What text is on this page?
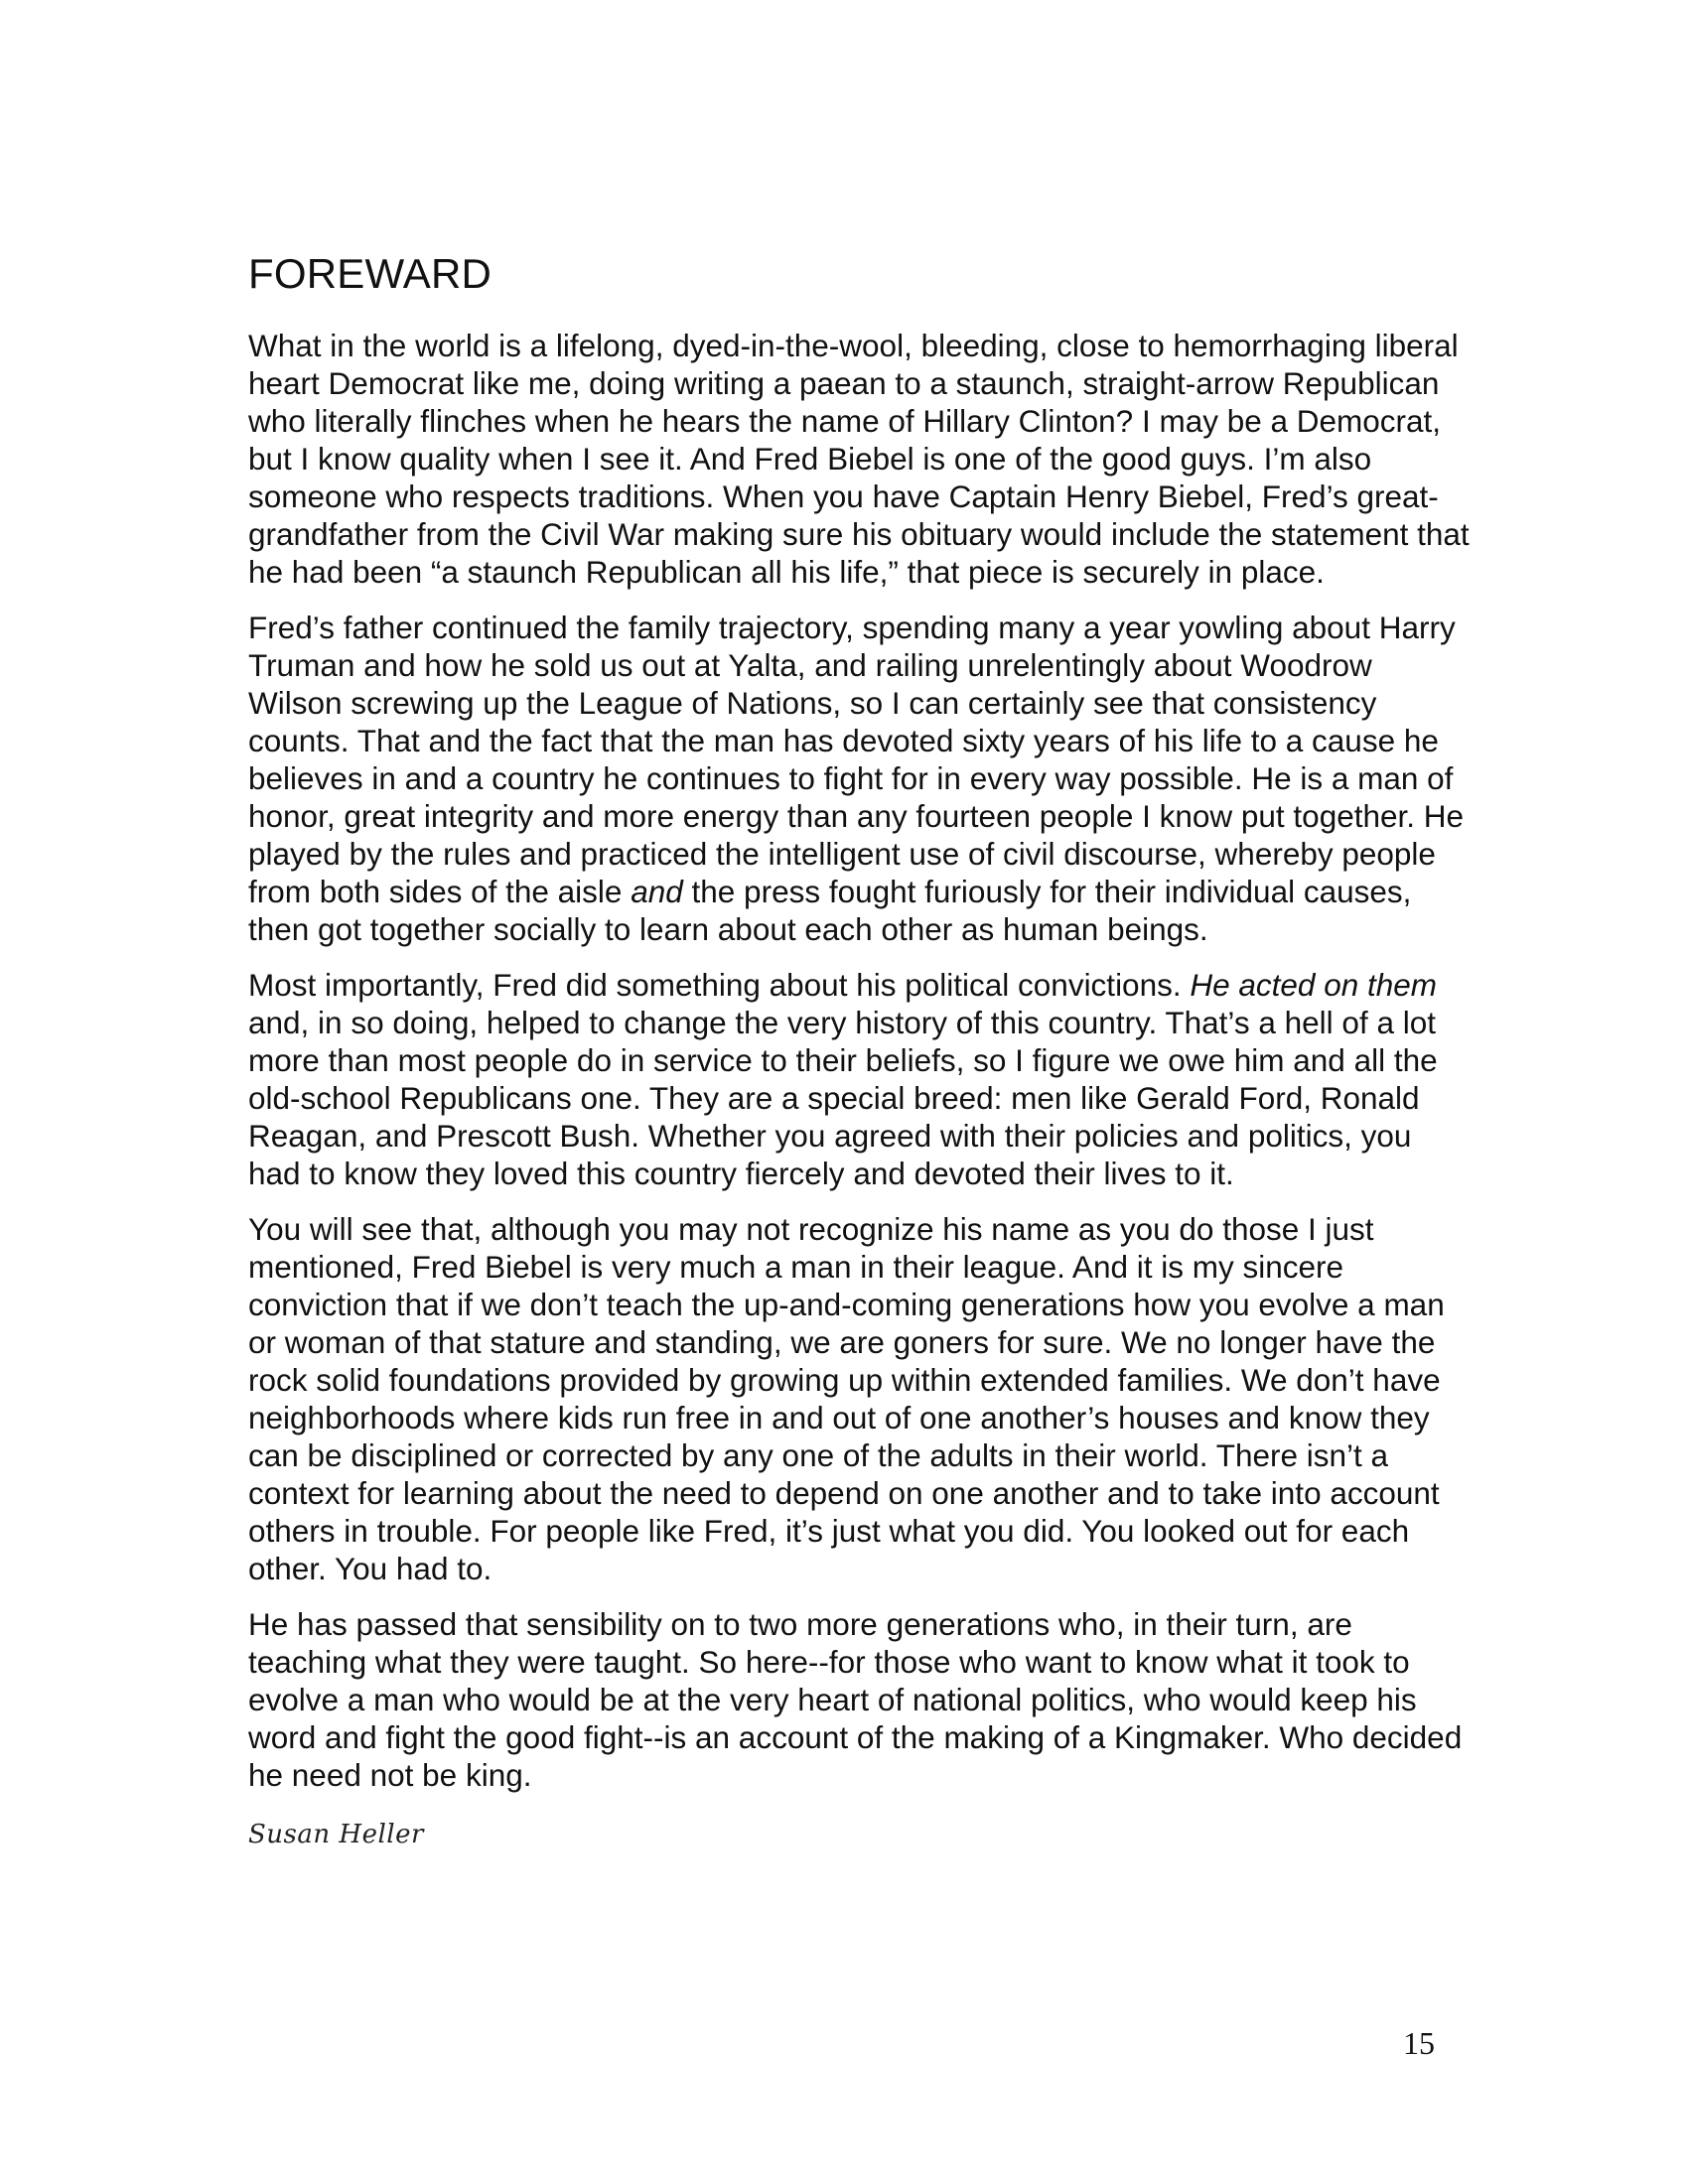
FOREWARD

What in the world is a lifelong, dyed-in-the-wool, bleeding, close to hemorrhaging liberal heart Democrat like me, doing writing a paean to a staunch, straight-arrow Republican who literally flinches when he hears the name of Hillary Clinton? I may be a Democrat, but I know quality when I see it. And Fred Biebel is one of the good guys. I’m also someone who respects traditions. When you have Captain Henry Biebel, Fred’s great-grandfather from the Civil War making sure his obituary would include the statement that he had been “a staunch Republican all his life,” that piece is securely in place.

Fred’s father continued the family trajectory, spending many a year yowling about Harry Truman and how he sold us out at Yalta, and railing unrelentingly about Woodrow Wilson screwing up the League of Nations, so I can certainly see that consistency counts. That and the fact that the man has devoted sixty years of his life to a cause he believes in and a country he continues to fight for in every way possible. He is a man of honor, great integrity and more energy than any fourteen people I know put together. He played by the rules and practiced the intelligent use of civil discourse, whereby people from both sides of the aisle and the press fought furiously for their individual causes, then got together socially to learn about each other as human beings.

Most importantly, Fred did something about his political convictions. He acted on them and, in so doing, helped to change the very history of this country. That’s a hell of a lot more than most people do in service to their beliefs, so I figure we owe him and all the old-school Republicans one. They are a special breed: men like Gerald Ford, Ronald Reagan, and Prescott Bush. Whether you agreed with their policies and politics, you had to know they loved this country fiercely and devoted their lives to it.

You will see that, although you may not recognize his name as you do those I just mentioned, Fred Biebel is very much a man in their league. And it is my sincere conviction that if we don’t teach the up-and-coming generations how you evolve a man or woman of that stature and standing, we are goners for sure. We no longer have the rock solid foundations provided by growing up within extended families. We don’t have neighborhoods where kids run free in and out of one another’s houses and know they can be disciplined or corrected by any one of the adults in their world. There isn’t a context for learning about the need to depend on one another and to take into account others in trouble. For people like Fred, it’s just what you did. You looked out for each other. You had to.

He has passed that sensibility on to two more generations who, in their turn, are teaching what they were taught. So here--for those who want to know what it took to evolve a man who would be at the very heart of national politics, who would keep his word and fight the good fight--is an account of the making of a Kingmaker. Who decided he need not be king.

Susan Heller
15
